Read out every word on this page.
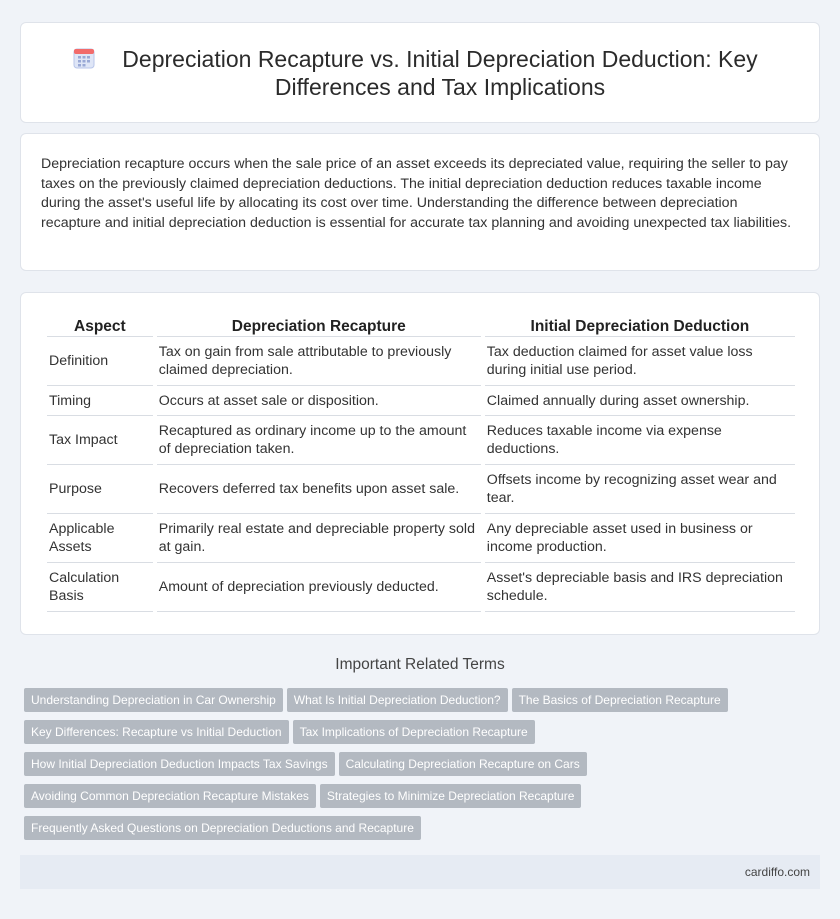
Depreciation Recapture vs. Initial Depreciation Deduction: Key Differences and Tax Implications

Depreciation recapture occurs when the sale price of an asset exceeds its depreciated value, requiring the seller to pay taxes on the previously claimed depreciation deductions. The initial depreciation deduction reduces taxable income during the asset's useful life by allocating its cost over time. Understanding the difference between depreciation recapture and initial depreciation deduction is essential for accurate tax planning and avoiding unexpected tax liabilities.

Aspect	Depreciation Recapture	Initial Depreciation Deduction
Definition	Tax on gain from sale attributable to previously claimed depreciation.	Tax deduction claimed for asset value loss during initial use period.
Timing	Occurs at asset sale or disposition.	Claimed annually during asset ownership.
Tax Impact	Recaptured as ordinary income up to the amount of depreciation taken.	Reduces taxable income via expense deductions.
Purpose	Recovers deferred tax benefits upon asset sale.	Offsets income by recognizing asset wear and tear.
Applicable Assets	Primarily real estate and depreciable property sold at gain.	Any depreciable asset used in business or income production.
Calculation Basis	Amount of depreciation previously deducted.	Asset's depreciable basis and IRS depreciation schedule.
Important Related Terms
Understanding Depreciation in Car Ownership What Is Initial Depreciation Deduction? The Basics of Depreciation Recapture
Key Differences: Recapture vs Initial Deduction Tax Implications of Depreciation Recapture
How Initial Depreciation Deduction Impacts Tax Savings Calculating Depreciation Recapture on Cars
Avoiding Common Depreciation Recapture Mistakes Strategies to Minimize Depreciation Recapture
Frequently Asked Questions on Depreciation Deductions and Recapture
cardiffo.com
